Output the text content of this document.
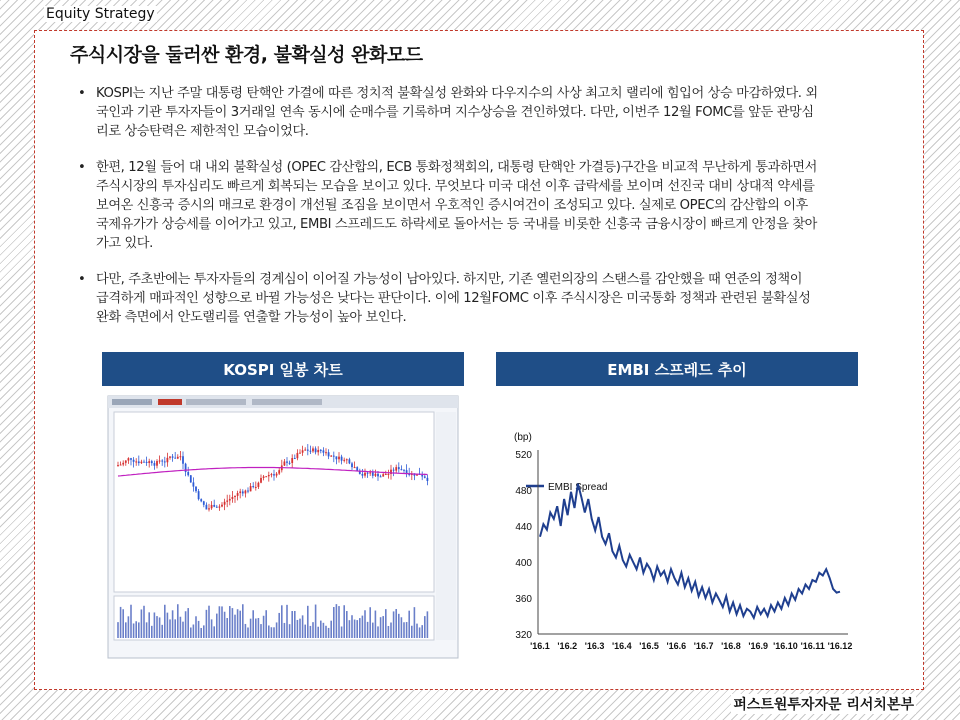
Equity Strategy
주식시장을 둘러싼 환경, 불확실성 완화모드
• KOSPI는 지난 주말 대통령 탄핵안 가결에 따른 정치적 불확실성 완화와 다우지수의 사상 최고치 랠리에 힘입어 상승 마감하였다. 외국인과 기관 투자자들이 3거래일 연속 동시에 순매수를 기록하며 지수상승을 견인하였다. 다만, 이번주 12월 FOMC를 앞둔 관망심리로 상승탄력은 제한적인 모습이었다.
• 한편, 12월 들어 대 내외 불확실성 (OPEC 감산합의, ECB 통화정책회의, 대통령 탄핵안 가결등)구간을 비교적 무난하게 통과하면서 주식시장의 투자심리도 빠르게 회복되는 모습을 보이고 있다. 무엇보다 미국 대선 이후 급락세를 보이며 선진국 대비 상대적 약세를 보여온 신흥국 증시의 매크로 환경이 개선될 조짐을 보이면서 우호적인 증시여건이 조성되고 있다. 실제로 OPEC의 감산합의 이후 국제유가가 상승세를 이어가고 있고, EMBI 스프레드도 하락세로 돌아서는 등 국내를 비롯한 신흥국 금융시장이 빠르게 안정을 찾아가고 있다.
• 다만, 주초반에는 투자자들의 경계심이 이어질 가능성이 남아있다. 하지만, 기존 옐런의장의 스탠스를 감안했을 때 연준의 정책이 급격하게 매파적인 성향으로 바뀔 가능성은 낮다는 판단이다. 이에 12월FOMC 이후 주식시장은 미국통화 정책과 관련된 불확실성 완화 측면에서 안도랠리를 연출할 가능성이 높아 보인다.
KOSPI 일봉 차트	EMBI 스프레드 추이
(bp)
EMBI Spread
320
360
400
440
480
520
'16.1 '16.2 '16.3 '16.4 '16.5 '16.6 '16.7 '16.8 '16.9 '16.10 '16.11 '16.12
퍼스트원투자자문 리서치본부
